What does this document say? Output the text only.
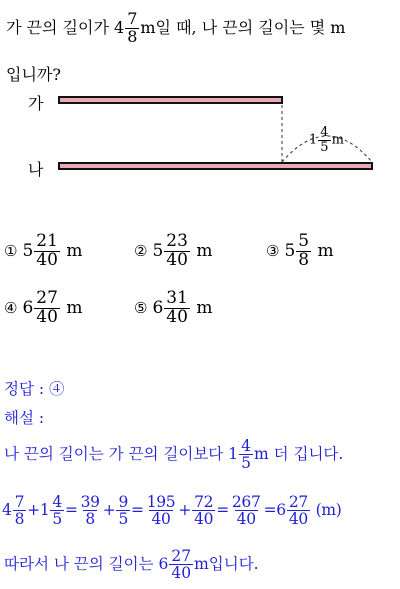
가 끈의 길이가 $4 \frac{7}{8}$ m일 때, 나 끈의 길이는 몇 m
입니까?
가
나
$1 \frac{4}{5}$ m
① $5 \frac{21}{40}$ m	② $5 \frac{23}{40}$ m	③ $5 \frac{5}{8}$ m
④ $6 \frac{27}{40}$ m	⑤ $6 \frac{31}{40}$ m
정답 : ④
해설 :
나 끈의 길이는 가 끈의 길이보다 $1 \frac{4}{5}$ m 더 깁니다.
$4 \frac{7}{8} +1 \frac{4}{5} = \frac{39}{8} + \frac{9}{5} = \frac{195}{40} + \frac{72}{40} = \frac{267}{40} =6 \frac{27}{40} (m)$
따라서 나 끈의 길이는 $6 \frac{27}{40}$ m입니다.
